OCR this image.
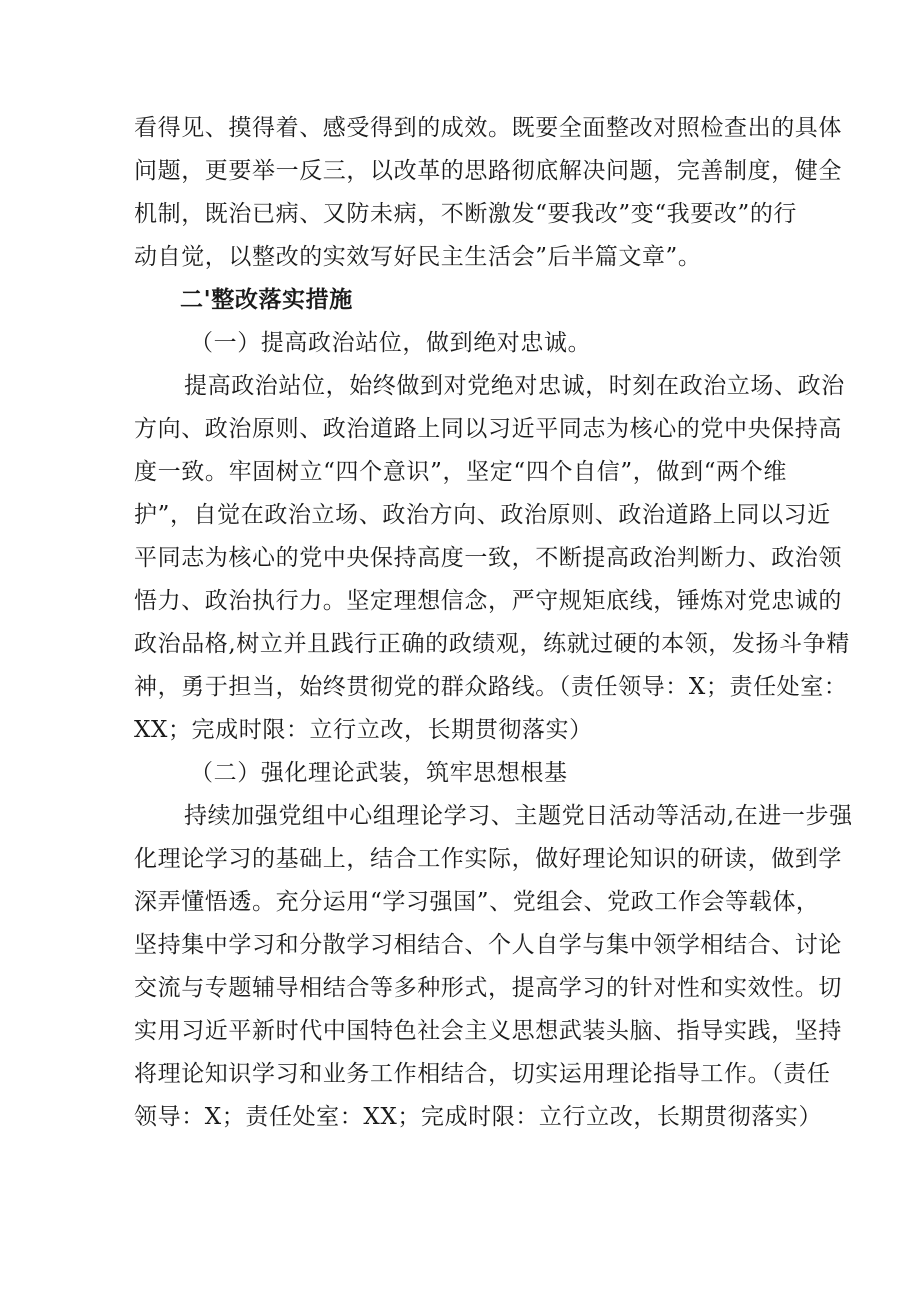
看得见、摸得着、感受得到的成效。既要全面整改对照检查出的具体
问题，更要举一反三，以改革的思路彻底解决问题，完善制度，健全
机制，既治已病、又防未病，不断激发“要我改”变“我要改”的行
动自觉，以整改的实效写好民主生活会”后半篇文章”。
二'整改落实措施
（一）提高政治站位，做到绝对忠诚。
提高政治站位，始终做到对党绝对忠诚，时刻在政治立场、政治
方向、政治原则、政治道路上同以习近平同志为核心的党中央保持高
度一致。牢固树立“四个意识”，坚定“四个自信”，做到“两个维
护”，自觉在政治立场、政治方向、政治原则、政治道路上同以习近
平同志为核心的党中央保持高度一致，不断提高政治判断力、政治领
悟力、政治执行力。坚定理想信念，严守规矩底线，锤炼对党忠诚的
政治品格,树立并且践行正确的政绩观，练就过硬的本领，发扬斗争精
神，勇于担当，始终贯彻党的群众路线。（责任领导：X；责任处室：
XX；完成时限：立行立改，长期贯彻落实）
（二）强化理论武装，筑牢思想根基
持续加强党组中心组理论学习、主题党日活动等活动,在进一步强
化理论学习的基础上，结合工作实际，做好理论知识的研读，做到学
深弄懂悟透。充分运用“学习强国”、党组会、党政工作会等载体，
坚持集中学习和分散学习相结合、个人自学与集中领学相结合、讨论
交流与专题辅导相结合等多种形式，提高学习的针对性和实效性。切
实用习近平新时代中国特色社会主义思想武装头脑、指导实践，坚持
将理论知识学习和业务工作相结合，切实运用理论指导工作。（责任
领导：X；责任处室：XX；完成时限：立行立改，长期贯彻落实）
